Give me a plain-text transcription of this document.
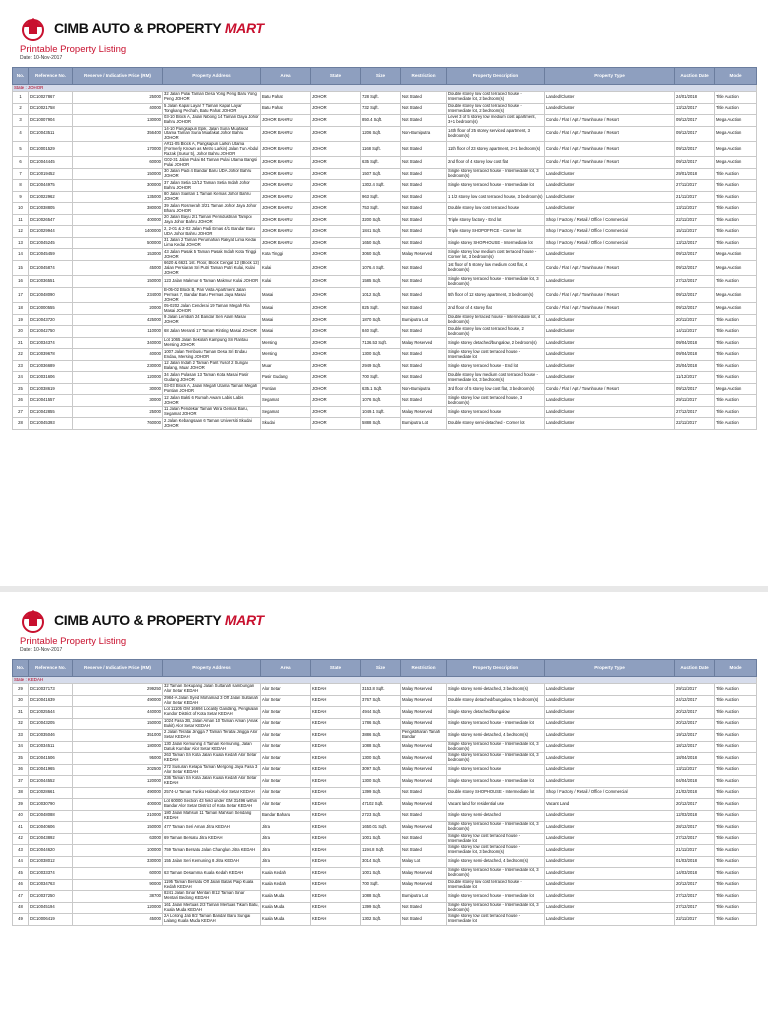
CIMB AUTO & PROPERTY MART
Printable Property Listing
Date: 10-Nov-2017
No.	Reference No.	Reserve / Indicative Price (RM)	Property Address	Area	State	Size	Restriction	Property Description	Property Type	Auction Date	Mode
State : JOHOR											
1	DC10027867	25000	32 Jalan Pulai Taman Desa Yong Peng Baru Yong Peng JOHOR	Batu Pahat	JOHOR	728 Sqft.	Not Stated	Double storey low cost terraced house - Intermediate lot, 2 bedroom(s)	Landed/Cluster	24/01/2018	Title Auction
2	DC10021758	40000	5 Jalan Kapal Layar 7 Taman Kapal Layar Tongkang Pechah, Batu Pahat JOHOR	Batu Pahat	JOHOR	732 Sqft.	Not Stated	Double storey low cost terraced house - Intermediate lot, 2 bedroom(s)	Landed/Cluster	13/12/2017	Title Auction
3	DC10007904	130000	03-10 Block A, Jalan Nibong 14 Taman Daya Johor Bahru JOHOR	JOHOR BAHRU	JOHOR	850.4 Sqft.	Not Stated	Level 3 of 5 storey low medium cost apartment, 3+1 bedroom(s)	Condo / Flat / Apt / Townhouse / Resort	09/12/2017	Mega Auction
4	DC10043511	356400	14-10 Pangsapuri Epik, Jalan Suria Muafakat Utama Taman Suria Muafakat Johor Bahru JOHOR	JOHOR BAHRU	JOHOR	1206 Sqft.	Non-Bumiputra	14th floor of 25 storey serviced apartment, 3 bedroom(s)	Condo / Flat / Apt / Townhouse / Resort	09/12/2017	Mega Auction
5	DC10001529	170000	A#11-05 Block A, Pangsapuri Larkin Utama (Formerly Known as Metro Larkin) Jalan Tun Abdul Razak (Susur 5), Johor Bahru JOHOR	JOHOR BAHRU	JOHOR	1168 Sqft.	Not Stated	11th floor of 23 storey apartment, 2+1 bedroom(s)	Condo / Flat / Apt / Townhouse / Resort	09/12/2017	Mega Auction
6	DC10044445	60000	G02-31 Jalan Pulai 84 Taman Pulai Utama Bangsi Pulai JOHOR	JOHOR BAHRU	JOHOR	635 Sqft.	Not Stated	2nd floor of 4 storey low cost flat	Condo / Flat / Apt / Townhouse / Resort	09/12/2017	Mega Auction
7	DC10019452	150000	30 Jalan Padi 4 Bandar Baru UDA Johor Bahru JOHOR	JOHOR BAHRU	JOHOR	1507 Sqft.	Not Stated	Single storey terraced house - Intermediate lot, 3 bedroom(s)	Landed/Cluster	29/01/2018	Title Auction
8	DC10044975	300000	37 Jalan Setia 12/12 Taman Setia Indah Johor Bahru JOHOR	JOHOR BAHRU	JOHOR	1302.4 Sqft.	Not Stated	Single storey terraced house - Intermediate lot	Landed/Cluster	27/11/2017	Title Auction
9	DC10022962	135000	80 Jalan Siantan 1 Taman Kemas Johor Bahru JOHOR	JOHOR BAHRU	JOHOR	963 Sqft.	Not Stated	1 1/2 storey low cost terraced house, 3 bedroom(s)	Landed/Cluster	21/11/2017	Title Auction
10	DC10038805	380000	39 Jalan Rosmerah 3/21 Taman Johor Jaya Johor Bharu JOHOR	JOHOR BAHRU	JOHOR	753 Sqft.	Not Stated	Double storey low cost terraced house	Landed/Cluster	13/11/2017	Title Auction
11	DC10026547	400000	20 Jalan Bayu 2/1 Taman Perindustrian Tampoi Jaya Johor Bahru JOHOR	JOHOR BAHRU	JOHOR	3200 Sqft.	Not Stated	Triple storey factory - End lot	Shop / Factory / Retail / Office / Commercial	22/11/2017	Title Auction
12	DC10029944	1400000	2, 2-01 & 2-02 Jalan Padi Emas 4/1 Bandar Baru UDA Johor Bahru JOHOR	JOHOR BAHRU	JOHOR	1841 Sqft.	Not Stated	Triple storey SHOPOFFICE - Corner lot	Shop / Factory / Retail / Office / Commercial	15/11/2017	Title Auction
13	DC10045245	500000	31 Jalan 2 Taman Perumahan Rakyat Lima Kedai Lima Kedai JOHOR	JOHOR BAHRU	JOHOR	1650 Sqft.	Not Stated	Single storey SHOPHOUSE - Intermediate lot	Shop / Factory / Retail / Office / Commercial	13/12/2017	Title Auction
14	DC10045459	153000	43 Jalan Pasak 5 Taman Pasak Indah Kota Tinggi JOHOR	Kota Tinggi	JOHOR	3060 Sqft.	Malay Reserved	Single storey low medium cost terraced house - Corner lot, 3 bedroom(s)	Landed/Cluster	09/12/2017	Mega Auction
15	DC10045874	45000	6620 & 6621 1st. Floor, Block Cengal 12 (Block 12) Jalan Persiaran Sri Putri Taman Putri Kulai, Kulai JOHOR	Kulai	JOHOR	1076.4 Sqft.	Not Stated	1st floor of 5 storey low medium cost flat, 4 bedroom(s)	Condo / Flat / Apt / Townhouse / Resort	09/12/2017	Mega Auction
16	DC10036551	150000	123 Jalan Makmur 6 Taman Makmur Kulai JOHOR	Kulai	JOHOR	1585 Sqft.	Not Stated	Single storey terraced house - Intermediate lot, 3 bedroom(s)	Landed/Cluster	27/12/2017	Title Auction
17	DC10048090	234000	B-05-02 Block B, Pan Vista Apartment Jalan Permas 7, Bandar Baru Permas Jaya Masai JOHOR	Masai	JOHOR	1012 Sqft.	Not Stated	5th floor of 12 storey apartment, 3 bedroom(s)	Condo / Flat / Apt / Townhouse / Resort	09/12/2017	Mega Auction
18	DC10000555	20000	05-0202 Jalan Cenderai 19 Taman Megah Ria Masai JOHOR	Masai	JOHOR	825 Sqft.	Not Stated	2nd floor of 4 storey flat	Condo / Flat / Apt / Townhouse / Resort	09/12/2017	Mega Auction
19	DC10043720	425000	9 Jalan Lembah 24 Bandar Seri Alam Masai JOHOR	Masai	JOHOR	1870 Sqft.	Bumiputra Lot	Double storey terraced house - Intermediate lot, 4 bedroom(s)	Landed/Cluster	20/11/2017	Title Auction
20	DC10042750	110000	68 Jalan Meranti 17 Taman Rinting Masai JOHOR	Masai	JOHOR	840 Sqft.	Not Stated	Double storey low cost terraced house, 2 bedroom(s)	Landed/Cluster	14/11/2017	Title Auction
21	DC10034374	340000	Lot 1065 Jalan Sekolah Kampung Sri Rantau Mersing JOHOR	Mersing	JOHOR	7136.53 Sqft.	Malay Reserved	Single storey detached/bungalow, 2 bedroom(s)	Landed/Cluster	09/04/2018	Title Auction
22	DC10039678	40000	1007 Jalan Tembusu Taman Desa Sri Endau Endau, Mersing JOHOR	Mersing	JOHOR	1300 Sqft.	Not Stated	Single storey low cost terraced house - Intermediate lot	Landed/Cluster	09/04/2018	Title Auction
23	DC10036689	230000	12 Jalan Indah 2 Taman Parit Yusof 2 Sungai Balang, Muar JOHOR	Muar	JOHOR	2949 Sqft.	Not Stated	Single storey terraced house - End lot	Landed/Cluster	25/04/2018	Title Auction
24	DC10031606	120000	34 Jalan Pulasan 13 Taman Kota Masai Pasir Gudang JOHOR	Pasir Gudang	JOHOR	700 Sqft.	Not Stated	Double storey low medium cost terraced house - Intermediate lot, 3 bedroom(s)	Landed/Cluster	11/12/2017	Title Auction
25	DC10038619	30000	03-03 Block A, Jalan Megah Utama Taman Megah Pontian JOHOR	Pontian	JOHOR	635.1 Sqft.	Non-Bumiputra	3rd floor of 5 storey low cost flat, 3 bedroom(s)	Condo / Flat / Apt / Townhouse / Resort	09/12/2017	Mega Auction
26	DC10041557	30000	12 Jalan Bakti 6 Rumah Awam Labis Labis JOHOR	Segamat	JOHOR	1076 Sqft.	Not Stated	Single storey low cost terraced house, 3 bedroom(s)	Landed/Cluster	29/11/2017	Title Auction
27	DC10042855	25000	11 Jalan Pendekar Taman Wira Gemas Baru, Segamat JOHOR	Segamat	JOHOR	1049.1 Sqft.	Malay Reserved	Single storey terraced house	Landed/Cluster	27/12/2017	Title Auction
28	DC10045393	760000	2 Jalan Kebangsaan 6 Taman Universiti Skudai JOHOR	Skudai	JOHOR	5888 Sqft.	Bumiputra Lot	Double storey semi-detached - Corner lot	Landed/Cluster	22/11/2017	Title Auction
CIMB AUTO & PROPERTY MART
Printable Property Listing
Date: 10-Nov-2017
No.	Reference No.	Reserve / Indicative Price (RM)	Property Address	Area	State	Size	Restriction	Property Description	Property Type	Auction Date	Mode
State : KEDAH											
29	DC10037173	299250	32 Taman Sekupang Jalan Sultanah sambungan Alor Setar KEDAH	Alor Setar	KEDAH	3153.8 Sqft.	Malay Reserved	Single storey semi-detached, 3 bedroom(s)	Landed/Cluster	29/11/2017	Title Auction
30	DC10041639	490000	2984-A Jalan Syed Mohamad 3 Off Jalan Sultanah Alor Setar KEDAH	Alor Setar	KEDAH	3767 Sqft.	Malay Reserved	Double storey detached/bungalow, 5 bedroom(s)	Landed/Cluster	24/12/2017	Title Auction
31	DC10025544	440000	Lot 11105 GM 16694 Locality Gandling, Pengkalan Kundor District of Kota Setar KEDAH	Alor Setar	KEDAH	4944 Sqft.	Malay Reserved	Single storey detached/bungalow	Landed/Cluster	20/12/2017	Title Auction
32	DC10043205	150000	1024 Fasa 2B, Jalan Aman 10 Taman Aman (Anak Bukit) Alor Setar KEDAH	Alor Setar	KEDAH	1786 Sqft.	Malay Reserved	Single storey terraced house - Intermediate lot	Landed/Cluster	20/12/2017	Title Auction
33	DC10035046	351000	2 Jalan Teratai Jingga 7 Taman Teratai Jingga Alor Setar KEDAH	Alor Setar	KEDAH	3886 Sqft.	Pengistiharan Tanah Bandar	Single storey semi-detached, 4 bedroom(s)	Landed/Cluster	19/12/2017	Title Auction
34	DC10034511	180000	130 Jalan Kemuning 4 Taman Kemuning, Jalan Datuk Kumbar Alor Setar KEDAH	Alor Setar	KEDAH	1088 Sqft.	Malay Reserved	Single storey terraced house - Intermediate lot, 3 bedroom(s)	Landed/Cluster	18/12/2017	Title Auction
35	DC10041506	95000	263 Taman Sri Kota Jalan Kuala Kedah Alor Setar KEDAH	Alor Setar	KEDAH	1300 Sqft.	Malay Reserved	Single storey terraced house - Intermediate lot, 3 bedroom(s)	Landed/Cluster	18/04/2018	Title Auction
36	DC10041965	202500	272 Susuran Kelapa Taman Mergong Jaya Fasa 3 Alor Setar KEDAH	Alor Setar	KEDAH	3097 Sqft.	Malay Reserved	Single storey terraced house	Landed/Cluster	13/11/2017	Title Auction
37	DC10044552	120000	236 Taman Sri Kota Jalan Kuala Kedah Alor Setar KEDAH	Alor Setar	KEDAH	1300 Sqft.	Malay Reserved	Single storey terraced house - Intermediate lot	Landed/Cluster	04/04/2018	Title Auction
38	DC10028661	490000	2574-U Taman Tunku Habsah Alor Setar KEDAH	Alor Setar	KEDAH	1399 Sqft.	Not Stated	Double storey SHOPHOUSE - Intermediate lot	Shop / Factory / Retail / Office / Commercial	21/02/2018	Title Auction
39	DC10030790	400000	Lot 60000 Section 43 held under GM 31496 within Bandar Alor Setar District of Kota Setar KEDAH	Alor Setar	KEDAH	47102 Sqft.	Malay Reserved	Vacant land for residential use	Vacant Land	20/12/2017	Title Auction
40	DC10048088	210000	180 Jalan Mahsuri 11 Taman Mahsuri Sendang KEDAH	Bandar Baharu	KEDAH	2723 Sqft.	Not Stated	Single storey semi-detached	Landed/Cluster	12/03/2018	Title Auction
41	DC10040606	150000	477 Taman Seri Aman Jitra KEDAH	Jitra	KEDAH	1650.01 Sqft.	Malay Reserved	Single storey terraced house - Intermediate lot, 3 bedroom(s)	Landed/Cluster	28/12/2017	Title Auction
42	DC10043892	63000	69 Taman Bersatu Jitra KEDAH	Jitra	KEDAH	1001 Sqft.	Not Stated	Single storey low cost terraced house - Intermediate lot	Landed/Cluster	27/12/2017	Title Auction
43	DC10044620	100000	759 Taman Bersatu Jalan Changlun Jitra KEDAH	Jitra	KEDAH	1194.8 Sqft.	Not Stated	Single storey low cost terraced house - Intermediate lot, 3 bedroom(s)	Landed/Cluster	21/11/2017	Title Auction
44	DC10038012	330000	155 Jalan Seri Kemuning 8 Jitra KEDAH	Jitra	KEDAH	3014 Sqft.	Malay Lot	Single storey semi-detached, 4 bedroom(s)	Landed/Cluster	01/03/2018	Title Auction
45	DC10033374	60000	63 Taman Desamma Kuala Kedah KEDAH	Kuala Kedah	KEDAH	1001 Sqft.	Malay Reserved	Single storey terraced house - Intermediate lot, 3 bedroom(s)	Landed/Cluster	14/03/2018	Title Auction
46	DC10034763	90000	1195 Taman Bersatu Off Jalan Batas Paip Kuala Kedah KEDAH	Kuala Kedah	KEDAH	700 Sqft.	Malay Reserved	Double storey low cost terraced house - Intermediate lot	Landed/Cluster	20/12/2017	Title Auction
47	DC10037250	38700	8241 Jalan Sinar Mentari 8/12 Taman Sinar Mentari Bedong KEDAH	Kuala Muda	KEDAH	1088 Sqft.	Bumiputra Lot	Single storey terraced house - Intermediate lot	Landed/Cluster	27/12/2017	Title Auction
48	DC10045194	120000	161 Jalan Mertuas 2/3 Taman Mertuas Tikam Batu, Kuala Muda KEDAH	Kuala Muda	KEDAH	1399 Sqft.	Not Stated	Single storey terraced house - Intermediate lot, 3 bedroom(s)	Landed/Cluster	27/12/2017	Title Auction
49	DC10006419	45000	2A Lorong Jati 8/2 Taman Bandar Baru Sungai Lalang Kuala Muda KEDAH	Kuala Muda	KEDAH	1302 Sqft.	Not Stated	Single storey low cost terraced house - Intermediate lot	Landed/Cluster	22/11/2017	Title Auction
